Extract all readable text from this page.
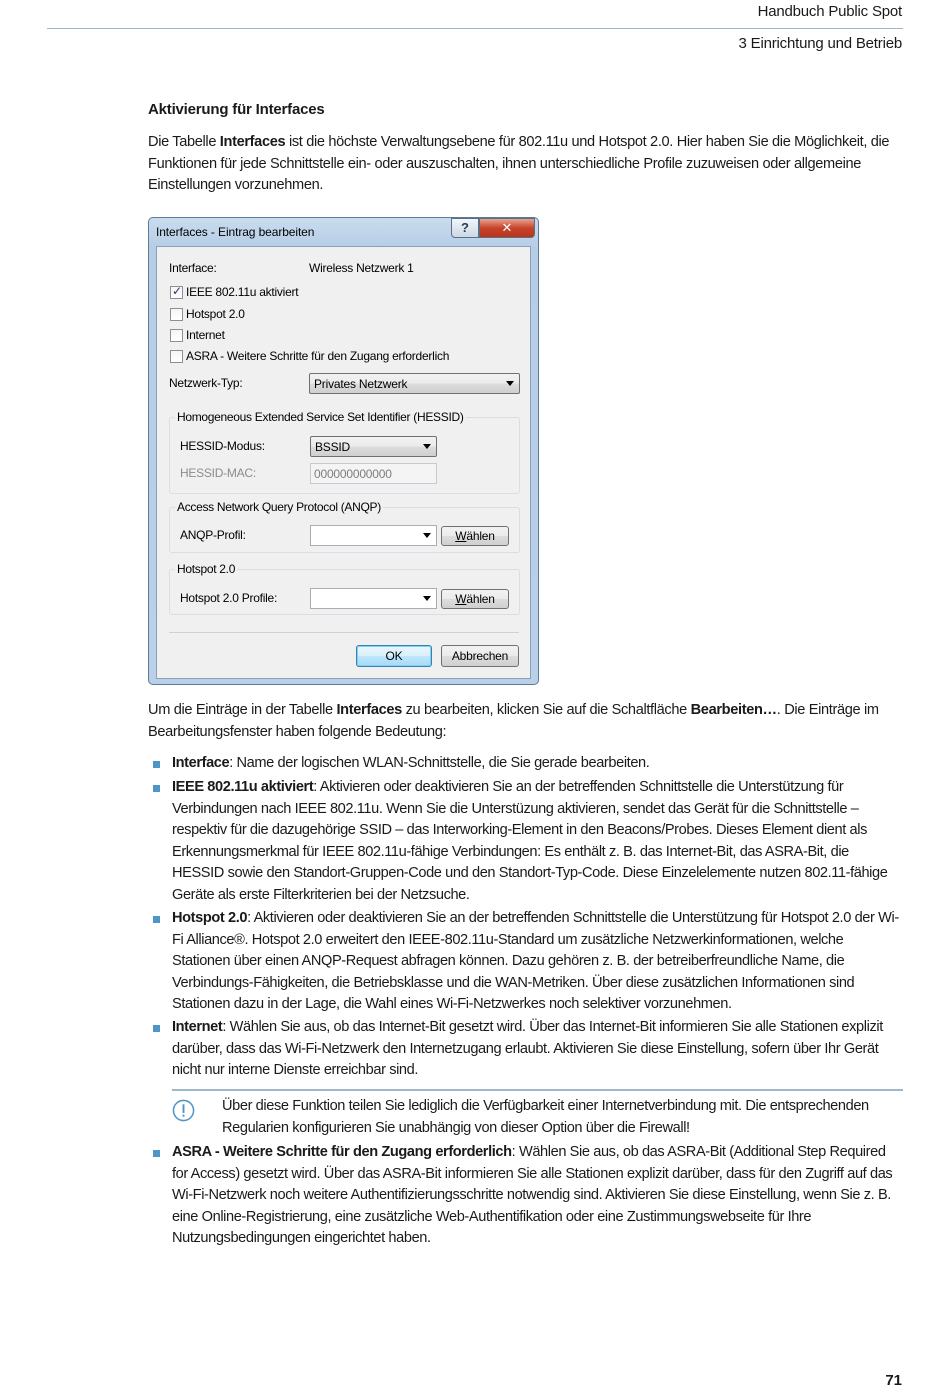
Handbuch Public Spot
3 Einrichtung und Betrieb
Aktivierung für Interfaces
Die Tabelle Interfaces ist die höchste Verwaltungsebene für 802.11u und Hotspot 2.0. Hier haben Sie die Möglichkeit, die Funktionen für jede Schnittstelle ein- oder auszuschalten, ihnen unterschiedliche Profile zuzuweisen oder allgemeine Einstellungen vorzunehmen.
Interfaces - Eintrag bearbeiten	?	✕
Interface:	Wireless Netzwerk 1
✓ IEEE 802.11u aktiviert
Hotspot 2.0
Internet
ASRA - Weitere Schritte für den Zugang erforderlich
Netzwerk-Typ:	Privates Netzwerk
Homogeneous Extended Service Set Identifier (HESSID)
HESSID-Modus:	BSSID
HESSID-MAC:	000000000000
Access Network Query Protocol (ANQP)
ANQP-Profil:	Wählen
Hotspot 2.0
Hotspot 2.0 Profile:	Wählen
OK	Abbrechen
Um die Einträge in der Tabelle Interfaces zu bearbeiten, klicken Sie auf die Schaltfläche Bearbeiten…. Die Einträge im Bearbeitungsfenster haben folgende Bedeutung:
Interface: Name der logischen WLAN-Schnittstelle, die Sie gerade bearbeiten.
IEEE 802.11u aktiviert: Aktivieren oder deaktivieren Sie an der betreffenden Schnittstelle die Unterstützung für Verbindungen nach IEEE 802.11u. Wenn Sie die Unterstüzung aktivieren, sendet das Gerät für die Schnittstelle – respektiv für die dazugehörige SSID – das Interworking-Element in den Beacons/Probes. Dieses Element dient als Erkennungsmerkmal für IEEE 802.11u-fähige Verbindungen: Es enthält z. B. das Internet-Bit, das ASRA-Bit, die HESSID sowie den Standort-Gruppen-Code und den Standort-Typ-Code. Diese Einzelelemente nutzen 802.11-fähige Geräte als erste Filterkriterien bei der Netzsuche.
Hotspot 2.0: Aktivieren oder deaktivieren Sie an der betreffenden Schnittstelle die Unterstützung für Hotspot 2.0 der Wi-Fi Alliance®. Hotspot 2.0 erweitert den IEEE-802.11u-Standard um zusätzliche Netzwerkinformationen, welche Stationen über einen ANQP-Request abfragen können. Dazu gehören z. B. der betreiberfreundliche Name, die Verbindungs-Fähigkeiten, die Betriebsklasse und die WAN-Metriken. Über diese zusätzlichen Informationen sind Stationen dazu in der Lage, die Wahl eines Wi-Fi-Netzwerkes noch selektiver vorzunehmen.
Internet: Wählen Sie aus, ob das Internet-Bit gesetzt wird. Über das Internet-Bit informieren Sie alle Stationen explizit darüber, dass das Wi-Fi-Netzwerk den Internetzugang erlaubt. Aktivieren Sie diese Einstellung, sofern über Ihr Gerät nicht nur interne Dienste erreichbar sind.
ASRA - Weitere Schritte für den Zugang erforderlich: Wählen Sie aus, ob das ASRA-Bit (Additional Step Required for Access) gesetzt wird. Über das ASRA-Bit informieren Sie alle Stationen explizit darüber, dass für den Zugriff auf das Wi-Fi-Netzwerk noch weitere Authentifizierungsschritte notwendig sind. Aktivieren Sie diese Einstellung, wenn Sie z. B. eine Online-Registrierung, eine zusätzliche Web-Authentifikation oder eine Zustimmungswebseite für Ihre Nutzungsbedingungen eingerichtet haben.
Über diese Funktion teilen Sie lediglich die Verfügbarkeit einer Internetverbindung mit. Die entsprechenden Regularien konfigurieren Sie unabhängig von dieser Option über die Firewall!
71
